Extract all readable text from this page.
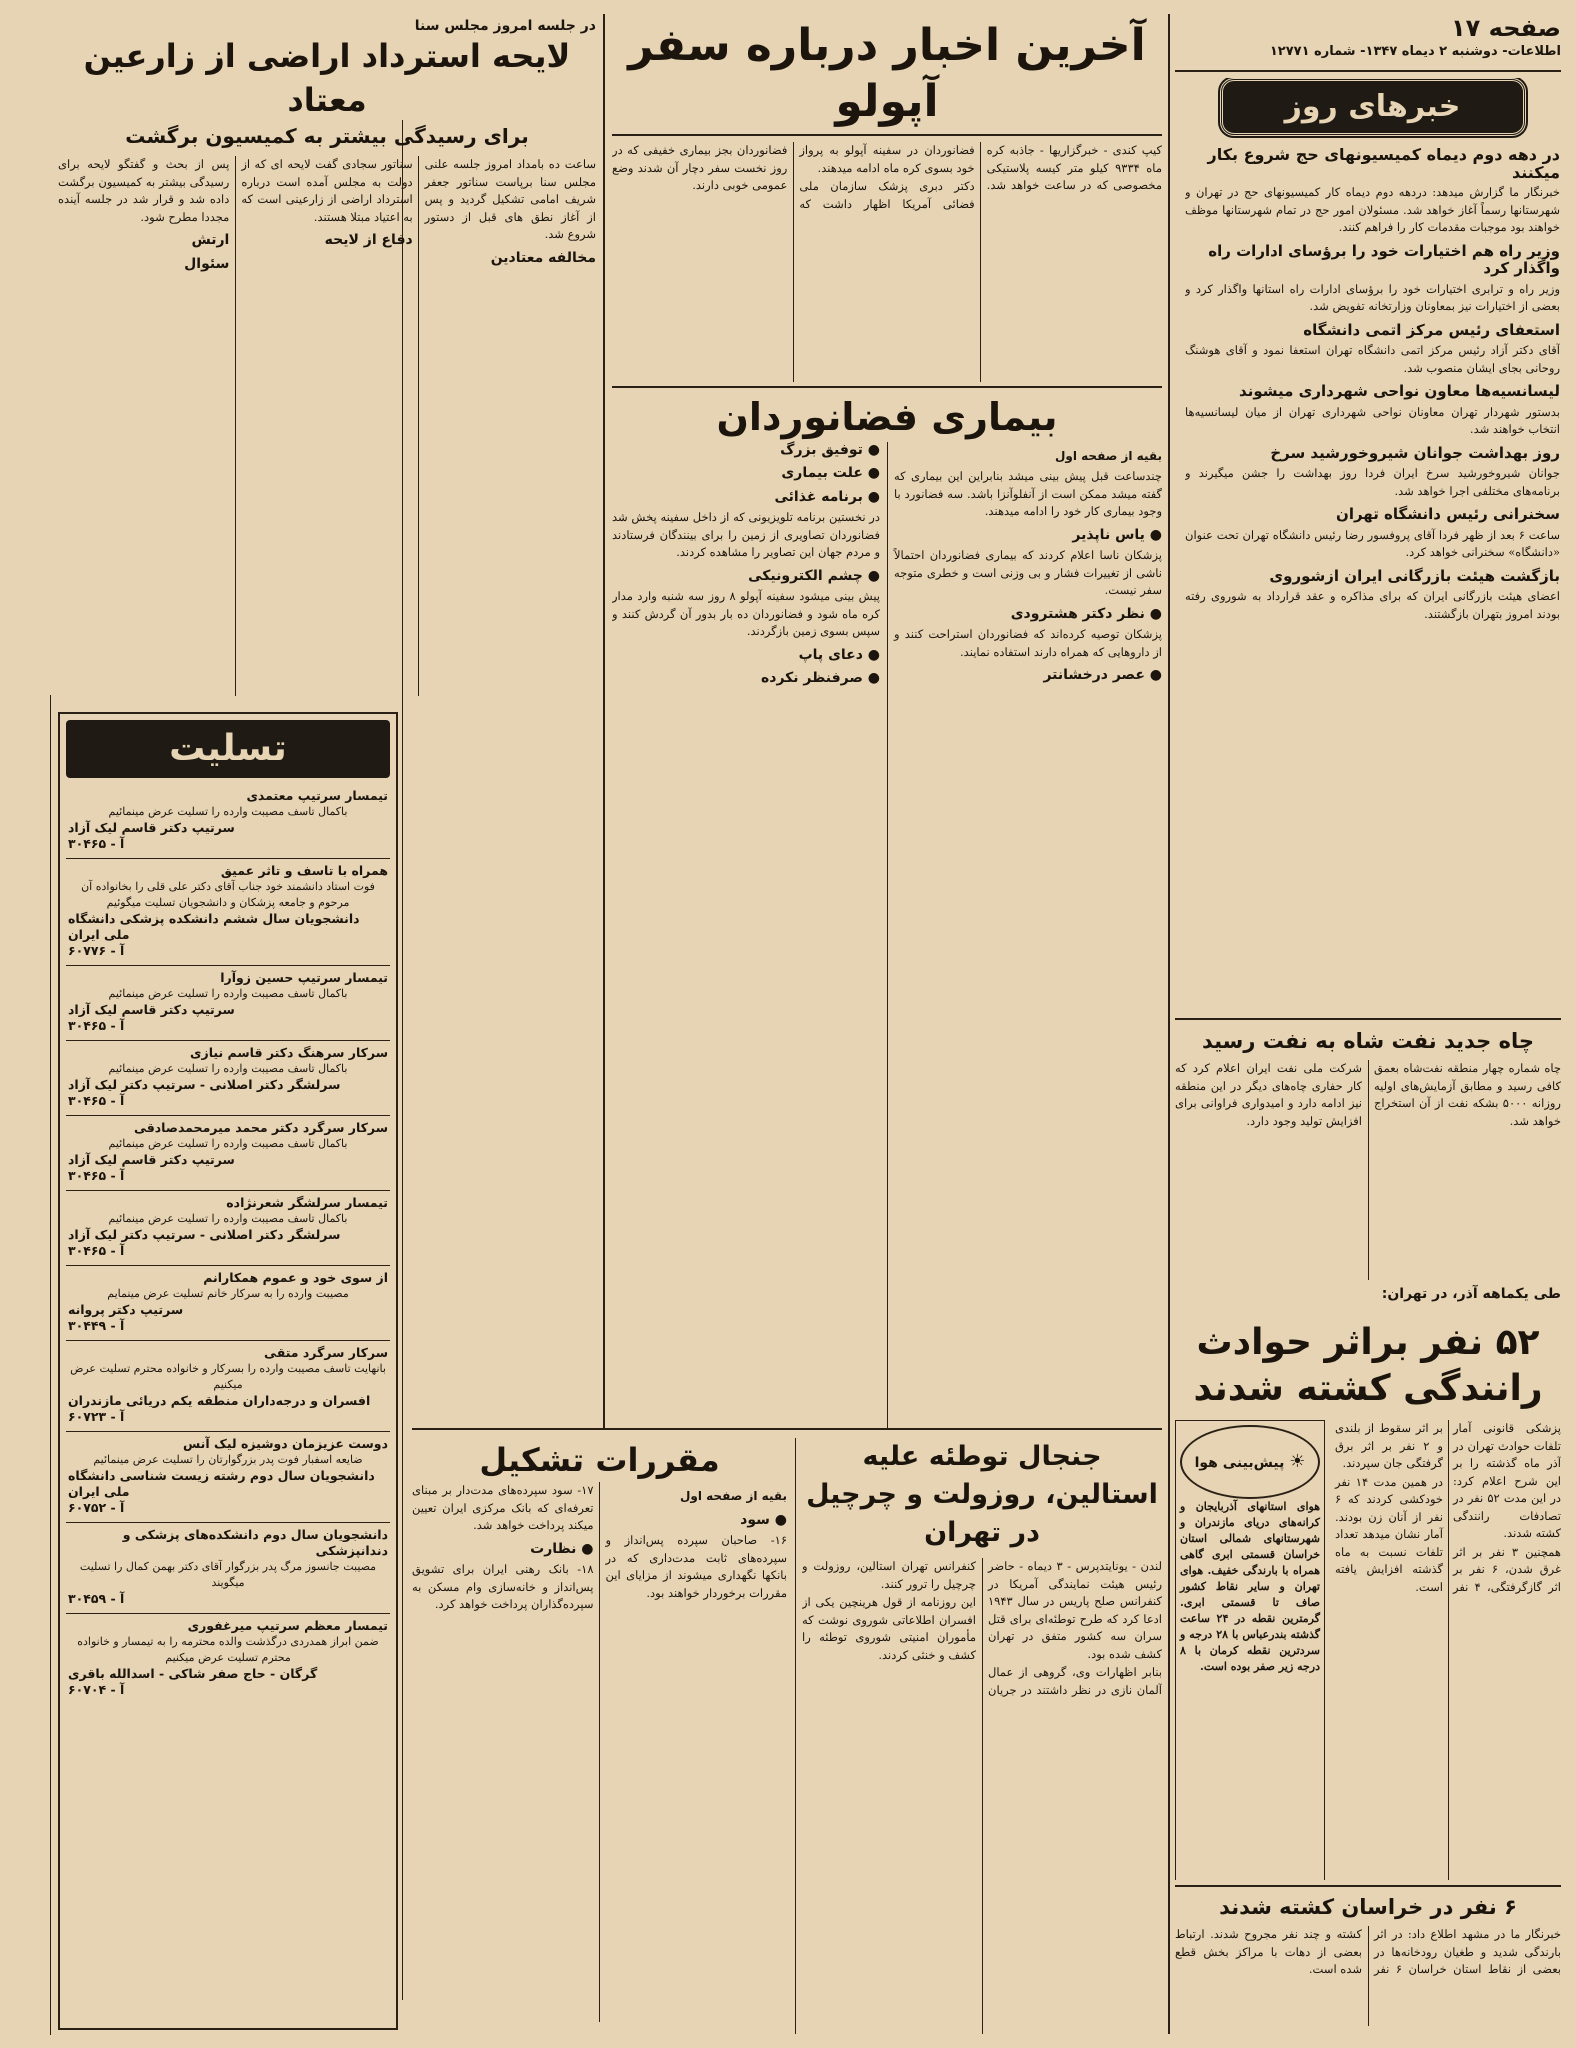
صفحه ۱۷
اطلاعات- دوشنبه ۲ دیماه ۱۳۴۷- شماره ۱۲۷۷۱
خبرهای روز
در دهه دوم دیماه کمیسیونهای حج شروع بکار میکنند

خبرنگار ما گزارش میدهد: دردهه دوم دیماه کار کمیسیونهای حج در تهران و شهرستانها رسماً آغاز خواهد شد. مسئولان امور حج در تمام شهرستانها موظف خواهند بود موجبات مقدمات کار را فراهم کنند.

وزیر راه هم اختیارات خود را برؤسای ادارات راه واگذار کرد

وزیر راه و ترابری اختیارات خود را برؤسای ادارات راه استانها واگذار کرد و بعضی از اختیارات نیز بمعاونان وزارتخانه تفویض شد.

استعفای رئیس مرکز اتمی دانشگاه

آقای دکتر آزاد رئیس مرکز اتمی دانشگاه تهران استعفا نمود و آقای هوشنگ روحانی بجای ایشان منصوب شد.

لیسانسیه‌ها معاون نواحی شهرداری میشوند

بدستور شهردار تهران معاونان نواحی شهرداری تهران از میان لیسانسیه‌ها انتخاب خواهند شد.

روز بهداشت جوانان شیروخورشید سرخ

جوانان شیروخورشید سرخ ایران فردا روز بهداشت را جشن میگیرند و برنامه‌های مختلفی اجرا خواهد شد.

سخنرانی رئیس دانشگاه تهران

ساعت ۶ بعد از ظهر فردا آقای پروفسور رضا رئیس دانشگاه تهران تحت عنوان «دانشگاه» سخنرانی خواهد کرد.

بازگشت هیئت بازرگانی ایران ازشوروی

اعضای هیئت بازرگانی ایران که برای مذاکره و عقد قرارداد به شوروی رفته بودند امروز بتهران بازگشتند.

آخرین اخبار درباره سفر آپولو

کیپ کندی - خبرگزاریها - جاذبه کره ماه ۹۳۳۴ کیلو متر کیسه پلاستیکی مخصوصی که در ساعت خواهد شد. فضانوردان در سفینه آپولو به پرواز خود بسوی کره ماه ادامه میدهند.

دکتر دبری پزشک سازمان ملی فضائی آمریکا اظهار داشت که فضانوردان بجز بیماری خفیفی که در روز نخست سفر دچار آن شدند وضع عمومی خوبی دارند.

بیماری فضانوردان
بقیه از صفحه اول

چندساعت قبل پیش بینی میشد بنابراین این بیماری که گفته میشد ممکن است از آنفلوآنزا باشد. سه فضانورد با وجود بیماری کار خود را ادامه میدهند.

● یاس ناپذیر

پزشکان ناسا اعلام کردند که بیماری فضانوردان احتمالاً ناشی از تغییرات فشار و بی وزنی است و خطری متوجه سفر نیست.

● نظر دکتر هشترودی

پزشکان توصیه کرده‌اند که فضانوردان استراحت کنند و از داروهایی که همراه دارند استفاده نمایند.

● عصر درخشانتر
● توفیق بزرگ
● علت بیماری
● برنامه غذائی

در نخستین برنامه تلویزیونی که از داخل سفینه پخش شد فضانوردان تصاویری از زمین را برای بینندگان فرستادند و مردم جهان این تصاویر را مشاهده کردند.

● چشم الکترونیکی

پیش بینی میشود سفینه آپولو ۸ روز سه شنبه وارد مدار کره ماه شود و فضانوردان ده بار بدور آن گردش کنند و سپس بسوی زمین بازگردند.

● دعای پاپ
● صرفنظر نکرده
در جلسه امروز مجلس سنا
لایحه استرداد اراضی از زارعین معتاد
برای رسیدگی بیشتر به کمیسیون برگشت

ساعت ده بامداد امروز جلسه علنی مجلس سنا برپاست سناتور جعفر شریف امامی تشکیل گردید و پس از آغاز نطق های قبل از دستور شروع شد.

مخالفه معتادین

سناتور سجادی گفت لایحه ای که از دولت به مجلس آمده است درباره استرداد اراضی از زارعینی است که به اعتیاد مبتلا هستند.

دفاع از لایحه

پس از بحث و گفتگو لایحه برای رسیدگی بیشتر به کمیسیون برگشت داده شد و قرار شد در جلسه آینده مجددا مطرح شود.

ارتش
سئوال
تسلیت
تیمسار سرتیپ معتمدی
باکمال تاسف مصیبت وارده را تسلیت عرض مینمائیم
سرتیپ دکتر قاسم لیک آزاد
آ - ۳۰۴۶۵
همراه با تاسف و تاثر عمیق
فوت استاد دانشمند خود جناب آقای دکتر علی قلی را بخانواده آن مرحوم و جامعه پزشکان و دانشجویان تسلیت میگوئیم
دانشجویان سال ششم دانشکده پزشکی دانشگاه ملی ایران
آ - ۶۰۷۷۶
تیمسار سرتیپ حسین زوآرا
باکمال تاسف مصیبت وارده را تسلیت عرض مینمائیم
سرتیپ دکتر قاسم لیک آزاد
آ - ۳۰۴۶۵
سرکار سرهنگ دکتر قاسم نیازی
باکمال تاسف مصیبت وارده را تسلیت عرض مینمائیم
سرلشگر دکتر اصلانی - سرتیپ دکتر لیک آزاد
آ - ۳۰۴۶۵
سرکار سرگرد دکتر محمد میرمحمدصادقی
باکمال تاسف مصیبت وارده را تسلیت عرض مینمائیم
سرتیپ دکتر قاسم لیک آزاد
آ - ۳۰۴۶۵
تیمسار سرلشگر شعرنژاده
باکمال تاسف مصیبت وارده را تسلیت عرض مینمائیم
سرلشگر دکتر اصلانی - سرتیپ دکتر لیک آزاد
آ - ۳۰۴۶۵
از سوی خود و عموم همکارانم
مصیبت وارده را به سرکار خانم تسلیت عرض مینمایم
سرتیپ دکتر پروانه
آ - ۳۰۴۴۹
سرکار سرگرد متقی
بانهایت تاسف مصیبت وارده را بسرکار و خانواده محترم تسلیت عرض میکنیم
افسران و درجه‌داران منطقه یکم دریائی مازندران
آ - ۶۰۷۲۳
دوست عزیزمان دوشیزه لیک آنس
ضایعه اسفبار فوت پدر بزرگوارتان را تسلیت عرض مینمائیم
دانشجویان سال دوم رشته زیست شناسی دانشگاه ملی ایران
آ - ۶۰۷۵۲
دانشجویان سال دوم دانشکده‌های پزشکی و دندانپزشکی
مصیبت جانسوز مرگ پدر بزرگوار آقای دکتر بهمن کمال را تسلیت میگویند
آ - ۳۰۴۵۹
تیمسار معظم سرتیپ میرغفوری
ضمن ابراز همدردی درگذشت والده محترمه را به تیمسار و خانواده محترم تسلیت عرض میکنیم
گرگان - حاج صفر شاکی - اسدالله باقری
آ - ۶۰۷۰۴
مقررات تشکیل
بقیه از صفحه اول
● سود

۱۶- صاحبان سپرده پس‌انداز و سپرده‌های ثابت مدت‌داری که در بانکها نگهداری میشوند از مزایای این مقررات برخوردار خواهند بود.

۱۷- سود سپرده‌های مدت‌دار بر مبنای تعرفه‌ای که بانک مرکزی ایران تعیین میکند پرداخت خواهد شد.

● نظارت

۱۸- بانک رهنی ایران برای تشویق پس‌انداز و خانه‌سازی وام مسکن به سپرده‌گذاران پرداخت خواهد کرد.

جنجال توطئه علیه استالین، روزولت و چرچیل در تهران

لندن - یونایتدپرس - ۳ دیماه - حاضر رئیس هیئت نمایندگی آمریکا در کنفرانس صلح پاریس در سال ۱۹۴۳ ادعا کرد که طرح توطئه‌ای برای قتل سران سه کشور متفق در تهران کشف شده بود.

بنابر اظهارات وی، گروهی از عمال آلمان نازی در نظر داشتند در جریان کنفرانس تهران استالین، روزولت و چرچیل را ترور کنند.

این روزنامه از قول هرینچین یکی از افسران اطلاعاتی شوروی نوشت که مأموران امنیتی شوروی توطئه را کشف و خنثی کردند.

چاه جدید نفت شاه به نفت رسید

چاه شماره چهار منطقه نفت‌شاه بعمق کافی رسید و مطابق آزمایش‌های اولیه روزانه ۵۰۰۰ بشکه نفت از آن استخراج خواهد شد.

شرکت ملی نفت ایران اعلام کرد که کار حفاری چاه‌های دیگر در این منطقه نیز ادامه دارد و امیدواری فراوانی برای افزایش تولید وجود دارد.

طی یکماهه آذر، در تهران:
۵۲ نفر براثر حوادث رانندگی کشته شدند
☀ پیش‌بینی هوا
هوای استانهای آذربایجان و کرانه‌های دریای مازندران و شهرستانهای شمالی استان خراسان قسمتی ابری گاهی همراه با بارندگی خفیف. هوای تهران و سایر نقاط کشور صاف تا قسمتی ابری. گرمترین نقطه در ۲۴ ساعت گذشته بندرعباس با ۲۸ درجه و سردترین نقطه کرمان با ۸ درجه زیر صفر بوده است.

پزشکی قانونی آمار تلفات حوادث تهران در آذر ماه گذشته را بر این شرح اعلام کرد: در این مدت ۵۲ نفر در تصادفات رانندگی کشته شدند.

همچنین ۳ نفر بر اثر غرق شدن، ۶ نفر بر اثر گازگرفتگی، ۴ نفر بر اثر سقوط از بلندی و ۲ نفر بر اثر برق گرفتگی جان سپردند.

در همین مدت ۱۴ نفر خودکشی کردند که ۶ نفر از آنان زن بودند. آمار نشان میدهد تعداد تلفات نسبت به ماه گذشته افزایش یافته است.

۶ نفر در خراسان کشته شدند

خبرنگار ما در مشهد اطلاع داد: در اثر بارندگی شدید و طغیان رودخانه‌ها در بعضی از نقاط استان خراسان ۶ نفر کشته و چند نفر مجروح شدند. ارتباط بعضی از دهات با مراکز بخش قطع شده است.
